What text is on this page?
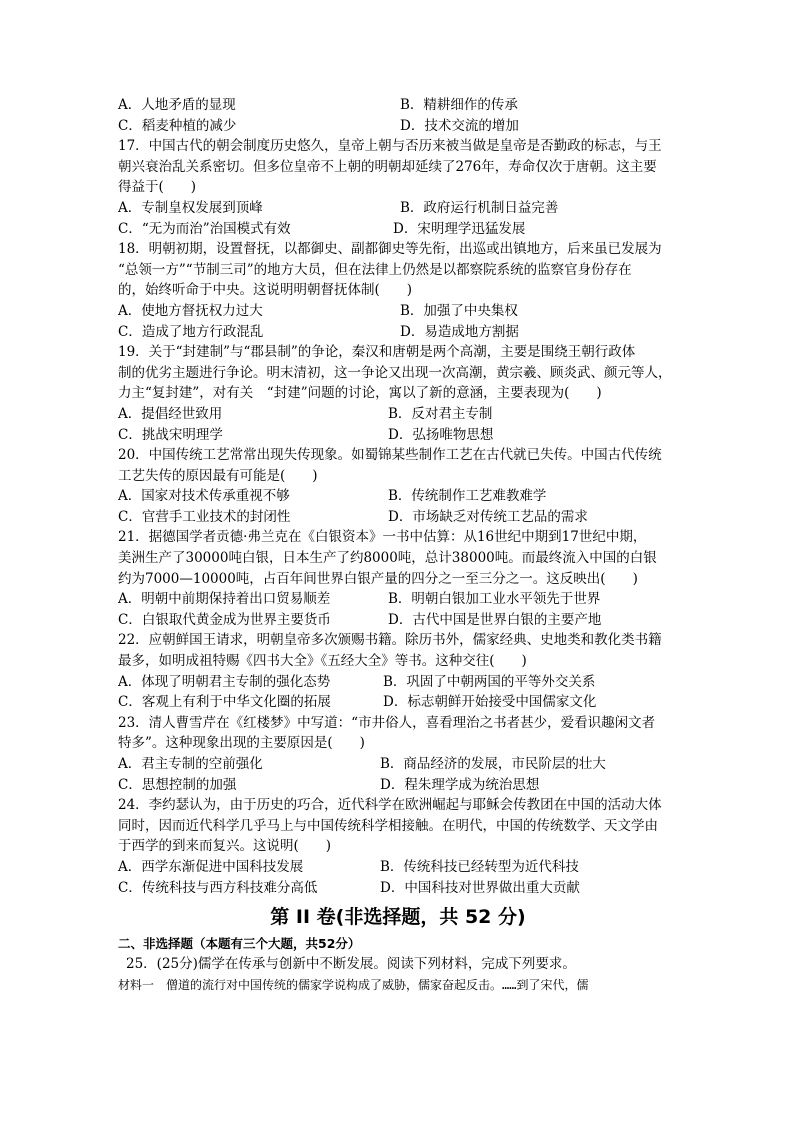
A．人地矛盾的显现	B．精耕细作的传承
C．稻麦种植的减少	D．技术交流的增加
17．中国古代的朝会制度历史悠久，皇帝上朝与否历来被当做是皇帝是否勤政的标志，与王
朝兴衰治乱关系密切。但多位皇帝不上朝的明朝却延续了276年，寿命仅次于唐朝。这主要
得益于(　　)
A．专制皇权发展到顶峰	B．政府运行机制日益完善
C．“无为而治”治国模式有效	D．宋明理学迅猛发展
18．明朝初期，设置督抚，以都御史、副都御史等先衔，出巡或出镇地方，后来虽已发展为
“总领一方”“节制三司”的地方大员，但在法律上仍然是以都察院系统的监察官身份存在
的，始终听命于中央。这说明明朝督抚体制(　　)
A．使地方督抚权力过大	B．加强了中央集权
C．造成了地方行政混乱	D．易造成地方割据
19．关于“封建制”与“郡县制”的争论，秦汉和唐朝是两个高潮，主要是围绕王朝行政体
制的优劣主题进行争论。明末清初，这一争论又出现一次高潮，黄宗羲、顾炎武、颜元等人，
力主“复封建”，对有关　“封建”问题的讨论，寓以了新的意涵，主要表现为(　　)
A．提倡经世致用	B．反对君主专制
C．挑战宋明理学	D．弘扬唯物思想
20．中国传统工艺常常出现失传现象。如蜀锦某些制作工艺在古代就已失传。中国古代传统
工艺失传的原因最有可能是(　　)
A．国家对技术传承重视不够	B．传统制作工艺难教难学
C．官营手工业技术的封闭性	D．市场缺乏对传统工艺品的需求
21．据德国学者贡德·弗兰克在《白银资本》一书中估算：从16世纪中期到17世纪中期，
美洲生产了30000吨白银，日本生产了约8000吨，总计38000吨。而最终流入中国的白银
约为7000—10000吨，占百年间世界白银产量的四分之一至三分之一。这反映出(　　)
A．明朝中前期保持着出口贸易顺差	B．明朝白银加工业水平领先于世界
C．白银取代黄金成为世界主要货币	D．古代中国是世界白银的主要产地
22．应朝鲜国王请求，明朝皇帝多次颁赐书籍。除历书外，儒家经典、史地类和教化类书籍
最多，如明成祖特赐《四书大全》《五经大全》等书。这种交往(　　)
A．体现了明朝君主专制的强化态势	B．巩固了中朝两国的平等外交关系
C．客观上有利于中华文化圈的拓展	D．标志朝鲜开始接受中国儒家文化
23．清人曹雪芹在《红楼梦》中写道：“市井俗人，喜看理治之书者甚少，爱看识趣闲文者
特多”。这种现象出现的主要原因是(　　)
A．君主专制的空前强化	B．商品经济的发展，市民阶层的壮大
C．思想控制的加强	D．程朱理学成为统治思想
24．李约瑟认为，由于历史的巧合，近代科学在欧洲崛起与耶稣会传教团在中国的活动大体
同时，因而近代科学几乎马上与中国传统科学相接触。在明代，中国的传统数学、天文学由
于西学的到来而复兴。这说明(　　)
A．西学东渐促进中国科技发展	B．传统科技已经转型为近代科技
C．传统科技与西方科技难分高低	D．中国科技对世界做出重大贡献
第 II 卷(非选择题，共 52 分)
二、非选择题（本题有三个大题，共52分）
25．(25分)儒学在传承与创新中不断发展。阅读下列材料，完成下列要求。
材料一　僧道的流行对中国传统的儒家学说构成了威胁，儒家奋起反击。……到了宋代，儒
